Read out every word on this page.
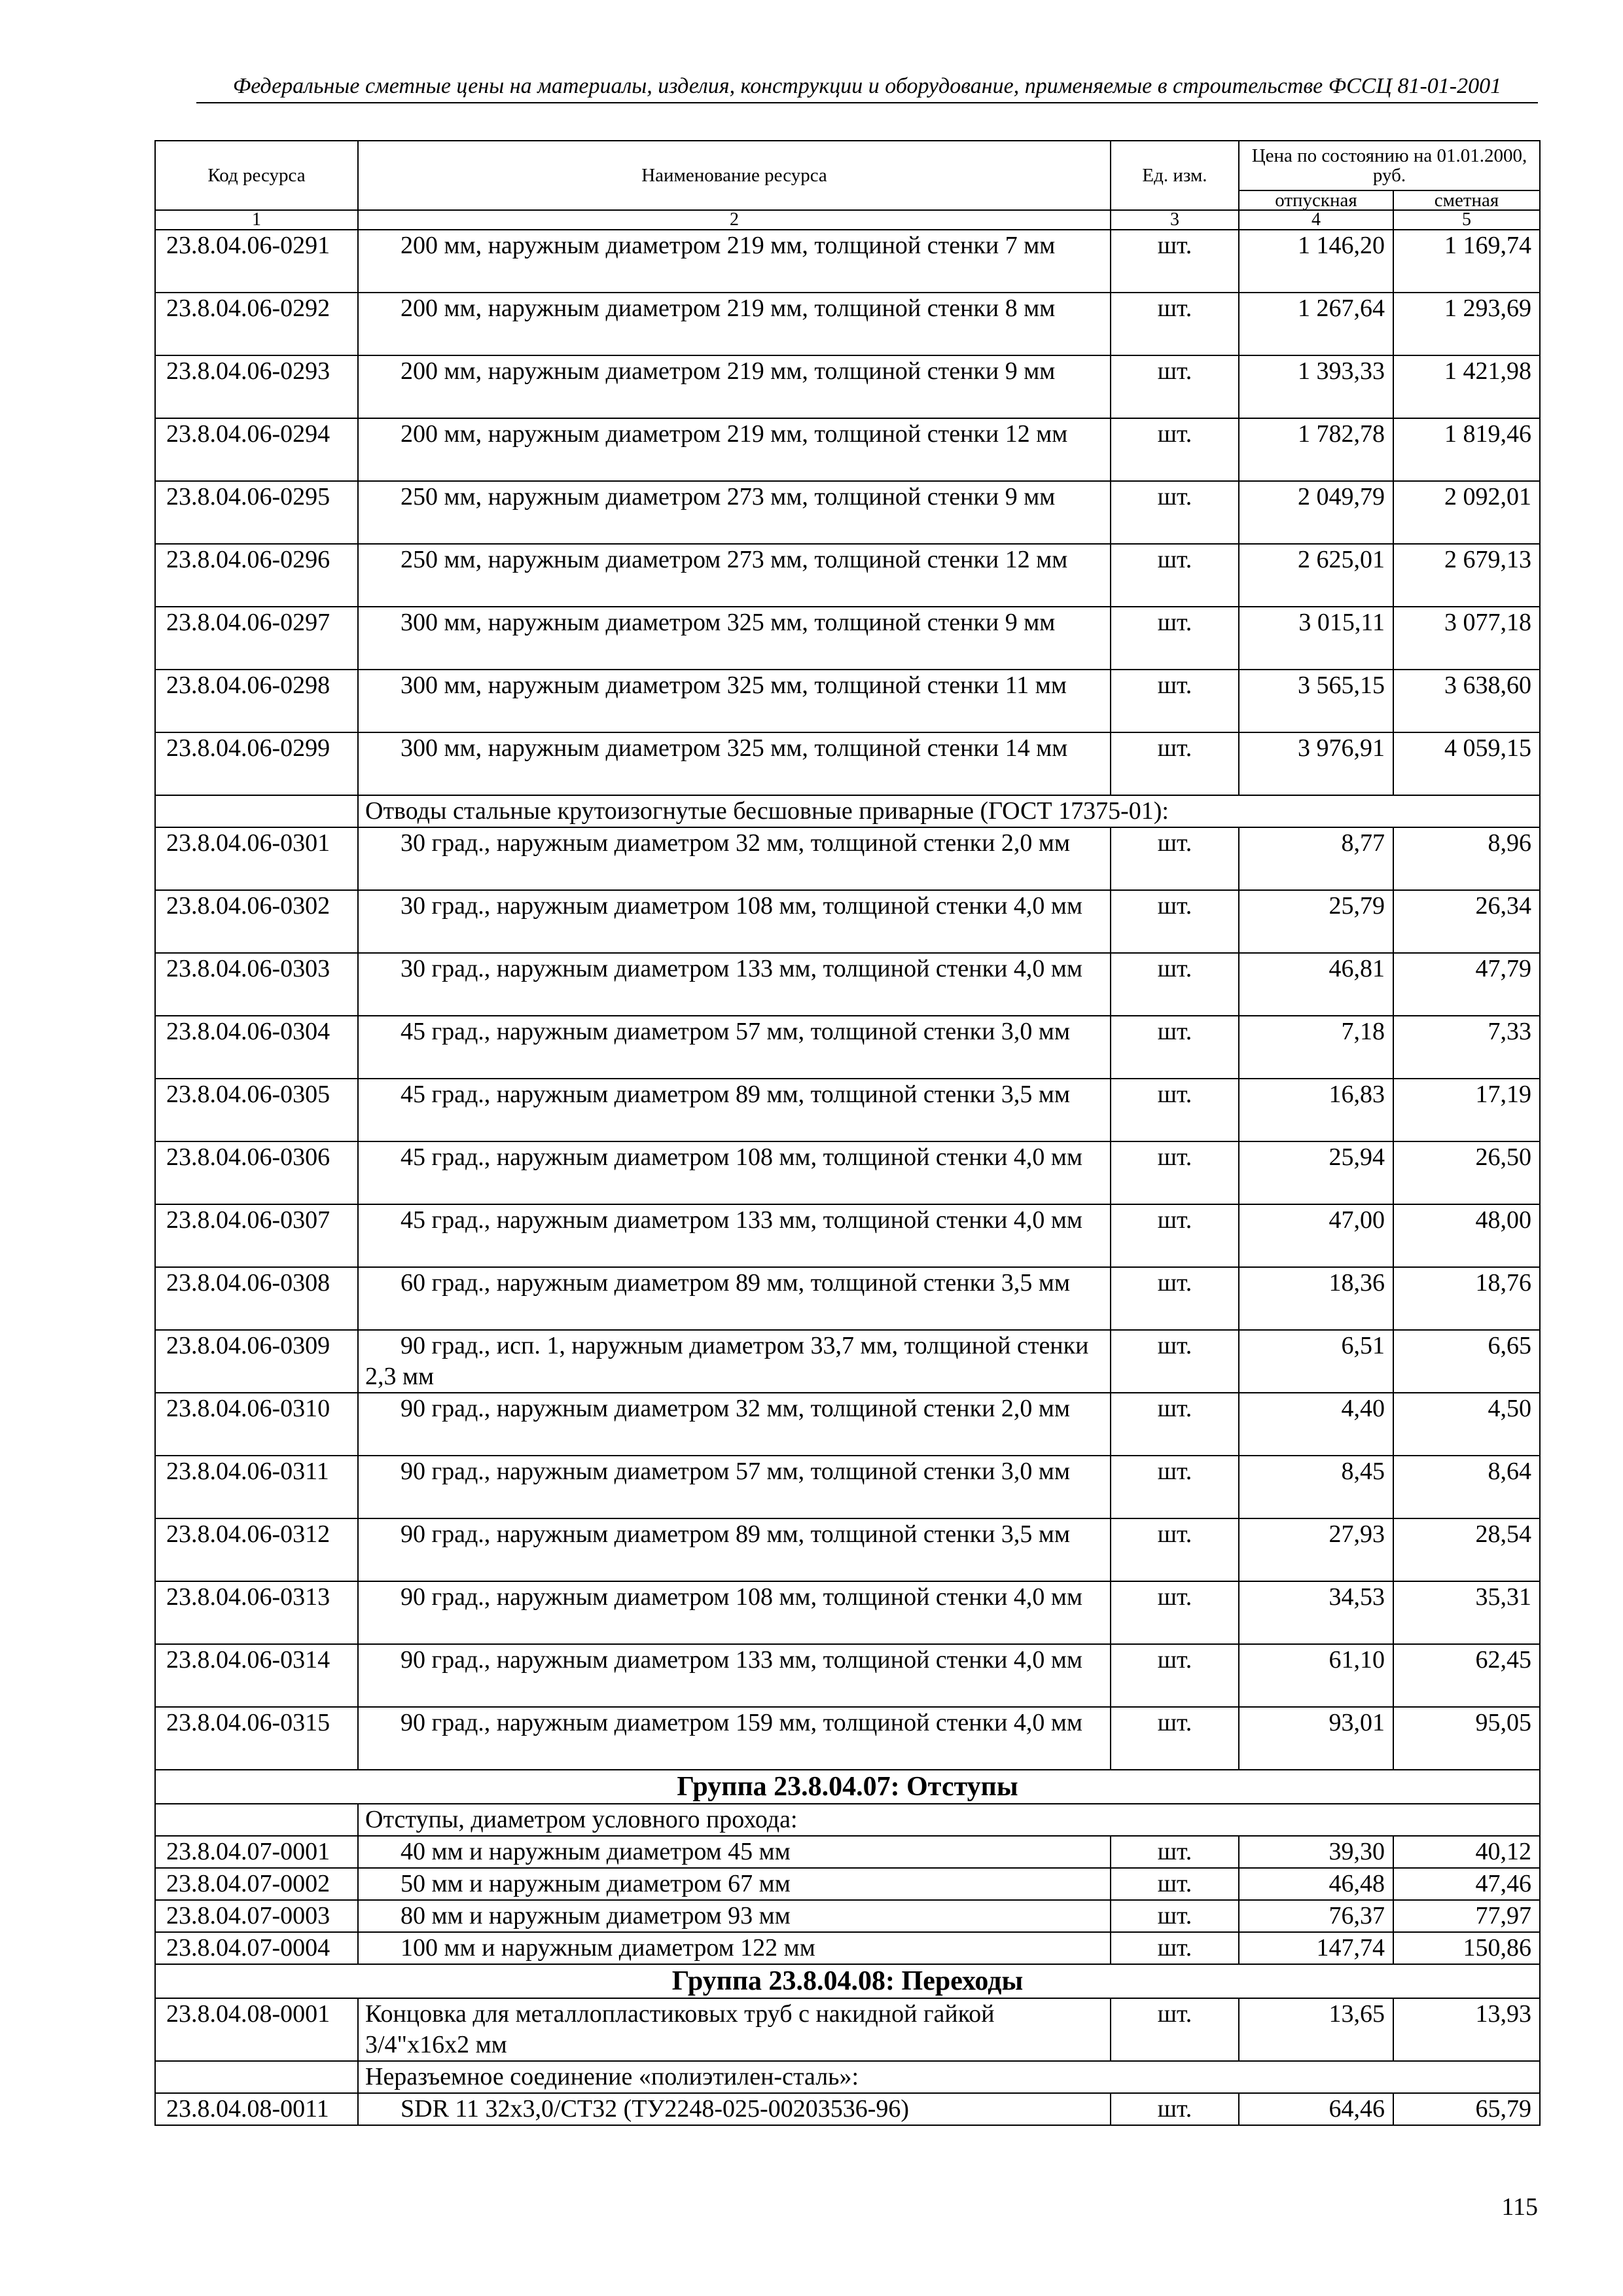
Федеральные сметные цены на материалы, изделия, конструкции и оборудование, применяемые в строительстве ФССЦ 81-01-2001
Код ресурса	Наименование ресурса	Ед. изм.	Цена по состоянию на 01.01.2000, руб.	
			отпускная	сметная
1	2	3	4	5
23.8.04.06-0291	200 мм, наружным диаметром 219 мм, толщиной стенки 7 мм	шт.	1 146,20	1 169,74
23.8.04.06-0292	200 мм, наружным диаметром 219 мм, толщиной стенки 8 мм	шт.	1 267,64	1 293,69
23.8.04.06-0293	200 мм, наружным диаметром 219 мм, толщиной стенки 9 мм	шт.	1 393,33	1 421,98
23.8.04.06-0294	200 мм, наружным диаметром 219 мм, толщиной стенки 12 мм	шт.	1 782,78	1 819,46
23.8.04.06-0295	250 мм, наружным диаметром 273 мм, толщиной стенки 9 мм	шт.	2 049,79	2 092,01
23.8.04.06-0296	250 мм, наружным диаметром 273 мм, толщиной стенки 12 мм	шт.	2 625,01	2 679,13
23.8.04.06-0297	300 мм, наружным диаметром 325 мм, толщиной стенки 9 мм	шт.	3 015,11	3 077,18
23.8.04.06-0298	300 мм, наружным диаметром 325 мм, толщиной стенки 11 мм	шт.	3 565,15	3 638,60
23.8.04.06-0299	300 мм, наружным диаметром 325 мм, толщиной стенки 14 мм	шт.	3 976,91	4 059,15
	Отводы стальные крутоизогнутые бесшовные приварные (ГОСТ 17375-01):			
23.8.04.06-0301	30 град., наружным диаметром 32 мм, толщиной стенки 2,0 мм	шт.	8,77	8,96
23.8.04.06-0302	30 град., наружным диаметром 108 мм, толщиной стенки 4,0 мм	шт.	25,79	26,34
23.8.04.06-0303	30 град., наружным диаметром 133 мм, толщиной стенки 4,0 мм	шт.	46,81	47,79
23.8.04.06-0304	45 град., наружным диаметром 57 мм, толщиной стенки 3,0 мм	шт.	7,18	7,33
23.8.04.06-0305	45 град., наружным диаметром 89 мм, толщиной стенки 3,5 мм	шт.	16,83	17,19
23.8.04.06-0306	45 град., наружным диаметром 108 мм, толщиной стенки 4,0 мм	шт.	25,94	26,50
23.8.04.06-0307	45 град., наружным диаметром 133 мм, толщиной стенки 4,0 мм	шт.	47,00	48,00
23.8.04.06-0308	60 град., наружным диаметром 89 мм, толщиной стенки 3,5 мм	шт.	18,36	18,76
23.8.04.06-0309	90 град., исп. 1, наружным диаметром 33,7 мм, толщиной стенки 2,3 мм	шт.	6,51	6,65
23.8.04.06-0310	90 град., наружным диаметром 32 мм, толщиной стенки 2,0 мм	шт.	4,40	4,50
23.8.04.06-0311	90 град., наружным диаметром 57 мм, толщиной стенки 3,0 мм	шт.	8,45	8,64
23.8.04.06-0312	90 град., наружным диаметром 89 мм, толщиной стенки 3,5 мм	шт.	27,93	28,54
23.8.04.06-0313	90 град., наружным диаметром 108 мм, толщиной стенки 4,0 мм	шт.	34,53	35,31
23.8.04.06-0314	90 град., наружным диаметром 133 мм, толщиной стенки 4,0 мм	шт.	61,10	62,45
23.8.04.06-0315	90 град., наружным диаметром 159 мм, толщиной стенки 4,0 мм	шт.	93,01	95,05
Группа 23.8.04.07: Отступы				
	Отступы, диаметром условного прохода:			
23.8.04.07-0001	40 мм и наружным диаметром 45 мм	шт.	39,30	40,12
23.8.04.07-0002	50 мм и наружным диаметром 67 мм	шт.	46,48	47,46
23.8.04.07-0003	80 мм и наружным диаметром 93 мм	шт.	76,37	77,97
23.8.04.07-0004	100 мм и наружным диаметром 122 мм	шт.	147,74	150,86
Группа 23.8.04.08: Переходы				
23.8.04.08-0001	Концовка для металлопластиковых труб с накидной гайкой 3/4"х16х2 мм	шт.	13,65	13,93
	Неразъемное соединение «полиэтилен-сталь»:			
23.8.04.08-0011	SDR 11 32х3,0/СТ32 (ТУ2248-025-00203536-96)	шт.	64,46	65,79
115
